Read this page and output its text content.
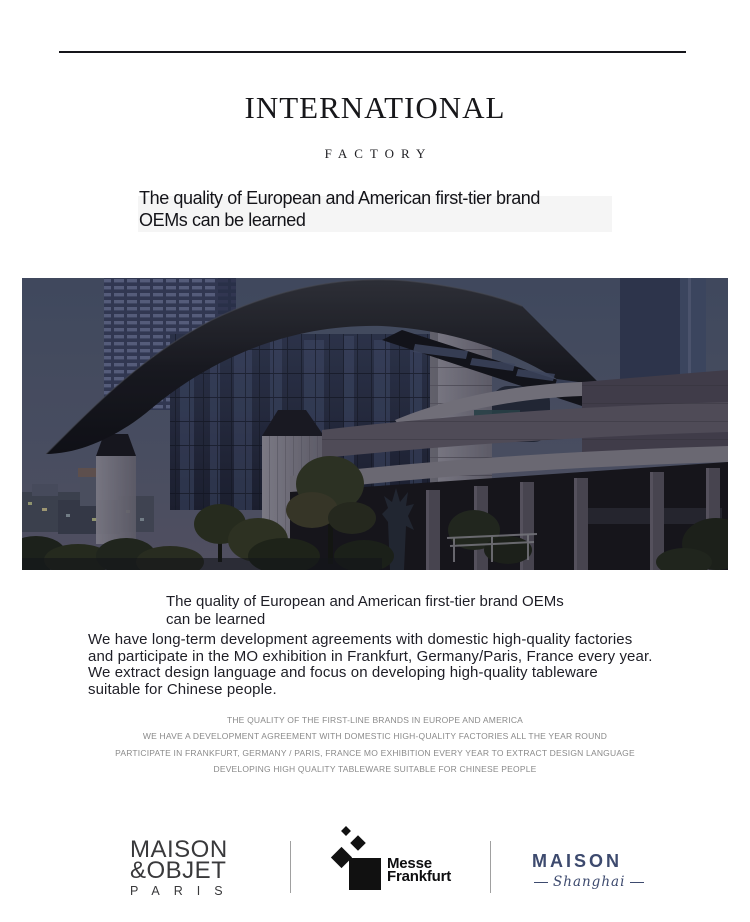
INTERNATIONAL
FACTORY
The quality of European and American first-tier brand
OEMs can be learned
The quality of European and American first-tier brand OEMs
can be learned
We have long-term development agreements with domestic high-quality factories
and participate in the MO exhibition in Frankfurt, Germany/Paris, France every year.
We extract design language and focus on developing high-quality tableware
suitable for Chinese people.
THE QUALITY OF THE FIRST-LINE BRANDS IN EUROPE AND AMERICA
WE HAVE A DEVELOPMENT AGREEMENT WITH DOMESTIC HIGH-QUALITY FACTORIES ALL THE YEAR ROUND
PARTICIPATE IN FRANKFURT, GERMANY / PARIS, FRANCE MO EXHIBITION EVERY YEAR TO EXTRACT DESIGN LANGUAGE
DEVELOPING HIGH QUALITY TABLEWARE SUITABLE FOR CHINESE PEOPLE
MAISON
&OBJET
PARIS
Messe
Frankfurt
MAISON
Shanghai
